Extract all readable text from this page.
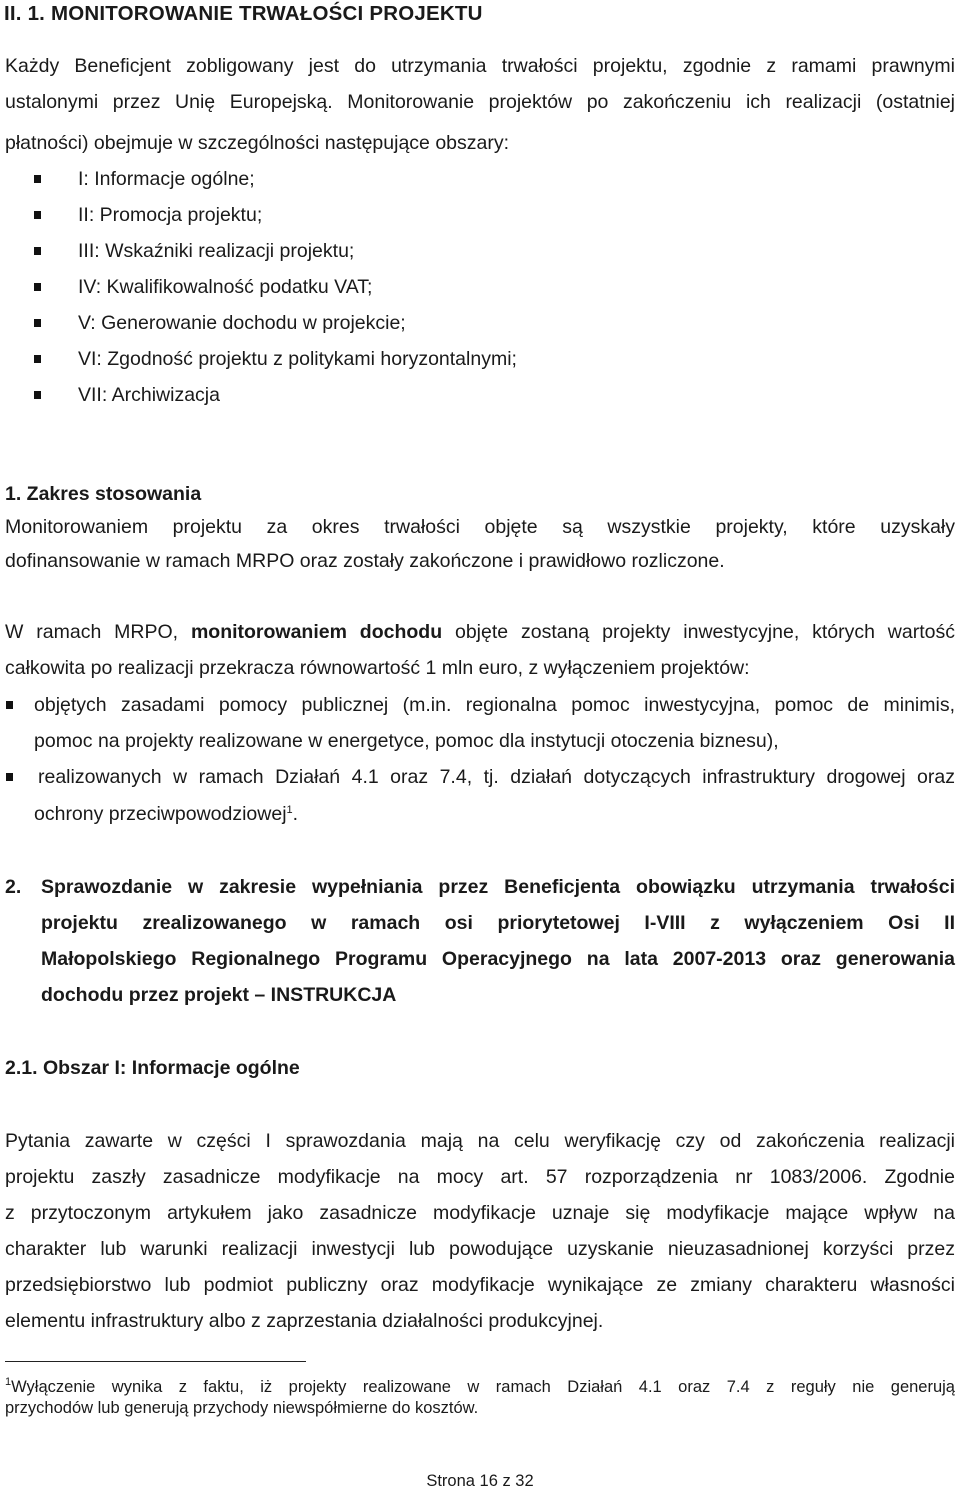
II. 1. MONITOROWANIE TRWAŁOŚCI PROJEKTU
Każdy Beneficjent zobligowany jest do utrzymania trwałości projektu, zgodnie z ramami prawnymi
ustalonymi przez Unię Europejską. Monitorowanie projektów po zakończeniu ich realizacji (ostatniej
płatności) obejmuje w szczególności następujące obszary:
I: Informacje ogólne;
II: Promocja projektu;
III: Wskaźniki realizacji projektu;
IV: Kwalifikowalność podatku VAT;
V: Generowanie dochodu w projekcie;
VI: Zgodność projektu z politykami horyzontalnymi;
VII: Archiwizacja
1. Zakres stosowania
Monitorowaniem projektu za okres trwałości objęte są wszystkie projekty, które uzyskały
dofinansowanie w ramach MRPO oraz zostały zakończone i prawidłowo rozliczone.
W ramach MRPO, monitorowaniem dochodu objęte zostaną projekty inwestycyjne, których wartość
całkowita po realizacji przekracza równowartość 1 mln euro, z wyłączeniem projektów:
objętych zasadami pomocy publicznej (m.in. regionalna pomoc inwestycyjna, pomoc de minimis,
pomoc na projekty realizowane w energetyce, pomoc dla instytucji otoczenia biznesu),
realizowanych w ramach Działań 4.1 oraz 7.4, tj. działań dotyczących infrastruktury drogowej oraz
ochrony przeciwpowodziowej$^1$.
2. Sprawozdanie w zakresie wypełniania przez Beneficjenta obowiązku utrzymania trwałości
projektu zrealizowanego w ramach osi priorytetowej I-VIII z wyłączeniem Osi II
Małopolskiego Regionalnego Programu Operacyjnego na lata 2007-2013 oraz generowania
dochodu przez projekt – INSTRUKCJA
2.1. Obszar I: Informacje ogólne
Pytania zawarte w części I sprawozdania mają na celu weryfikację czy od zakończenia realizacji
projektu zaszły zasadnicze modyfikacje na mocy art. 57 rozporządzenia nr 1083/2006. Zgodnie
z przytoczonym artykułem jako zasadnicze modyfikacje uznaje się modyfikacje mające wpływ na
charakter lub warunki realizacji inwestycji lub powodujące uzyskanie nieuzasadnionej korzyści przez
przedsiębiorstwo lub podmiot publiczny oraz modyfikacje wynikające ze zmiany charakteru własności
elementu infrastruktury albo z zaprzestania działalności produkcyjnej.
$^1$Wyłączenie wynika z faktu, iż projekty realizowane w ramach Działań 4.1 oraz 7.4 z reguły nie generują
przychodów lub generują przychody niewspółmierne do kosztów.
Strona 16 z 32
